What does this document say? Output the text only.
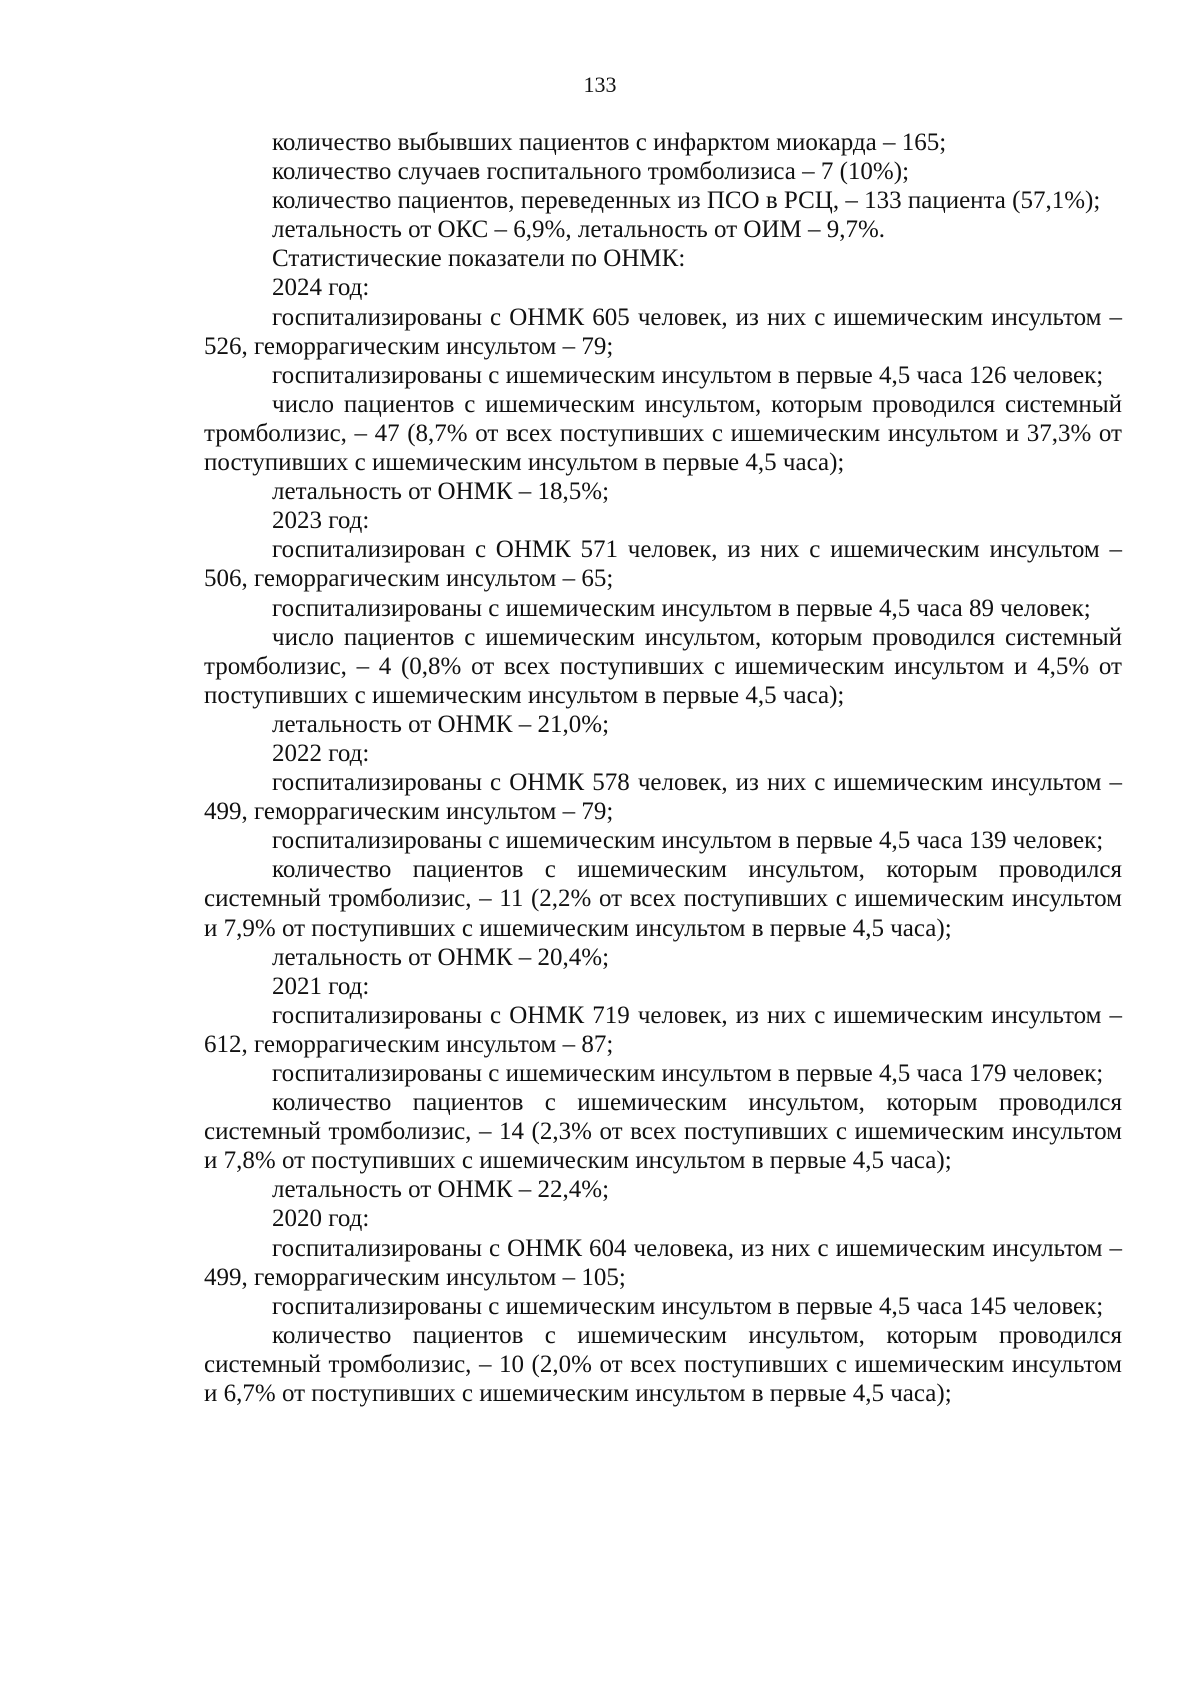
133

количество выбывших пациентов с инфарктом миокарда – 165;

количество случаев госпитального тромболизиса – 7 (10%);

количество пациентов, переведенных из ПСО в РСЦ, – 133 пациента (57,1%);

летальность от ОКС – 6,9%, летальность от ОИМ – 9,7%.

Статистические показатели по ОНМК:

2024 год:

госпитализированы с ОНМК 605 человек, из них с ишемическим инсультом – 526, геморрагическим инсультом – 79;

госпитализированы с ишемическим инсультом в первые 4,5 часа 126 человек;

число пациентов с ишемическим инсультом, которым проводился системный тромболизис, – 47 (8,7% от всех поступивших с ишемическим инсультом и 37,3% от поступивших с ишемическим инсультом в первые 4,5 часа);

летальность от ОНМК – 18,5%;

2023 год:

госпитализирован с ОНМК 571 человек, из них с ишемическим инсультом – 506, геморрагическим инсультом – 65;

госпитализированы с ишемическим инсультом в первые 4,5 часа 89 человек;

число пациентов с ишемическим инсультом, которым проводился системный тромболизис, – 4 (0,8% от всех поступивших с ишемическим инсультом и 4,5% от поступивших с ишемическим инсультом в первые 4,5 часа);

летальность от ОНМК – 21,0%;

2022 год:

госпитализированы с ОНМК 578 человек, из них с ишемическим инсультом – 499, геморрагическим инсультом – 79;

госпитализированы с ишемическим инсультом в первые 4,5 часа 139 человек;

количество пациентов с ишемическим инсультом, которым проводился системный тромболизис, – 11 (2,2% от всех поступивших с ишемическим инсультом и 7,9% от поступивших с ишемическим инсультом в первые 4,5 часа);

летальность от ОНМК – 20,4%;

2021 год:

госпитализированы с ОНМК 719 человек, из них с ишемическим инсультом – 612, геморрагическим инсультом – 87;

госпитализированы с ишемическим инсультом в первые 4,5 часа 179 человек;

количество пациентов с ишемическим инсультом, которым проводился системный тромболизис, – 14 (2,3% от всех поступивших с ишемическим инсультом и 7,8% от поступивших с ишемическим инсультом в первые 4,5 часа);

летальность от ОНМК – 22,4%;

2020 год:

госпитализированы с ОНМК 604 человека, из них с ишемическим инсультом – 499, геморрагическим инсультом – 105;

госпитализированы с ишемическим инсультом в первые 4,5 часа 145 человек;

количество пациентов с ишемическим инсультом, которым проводился системный тромболизис, – 10 (2,0% от всех поступивших с ишемическим инсультом и 6,7% от поступивших с ишемическим инсультом в первые 4,5 часа);
